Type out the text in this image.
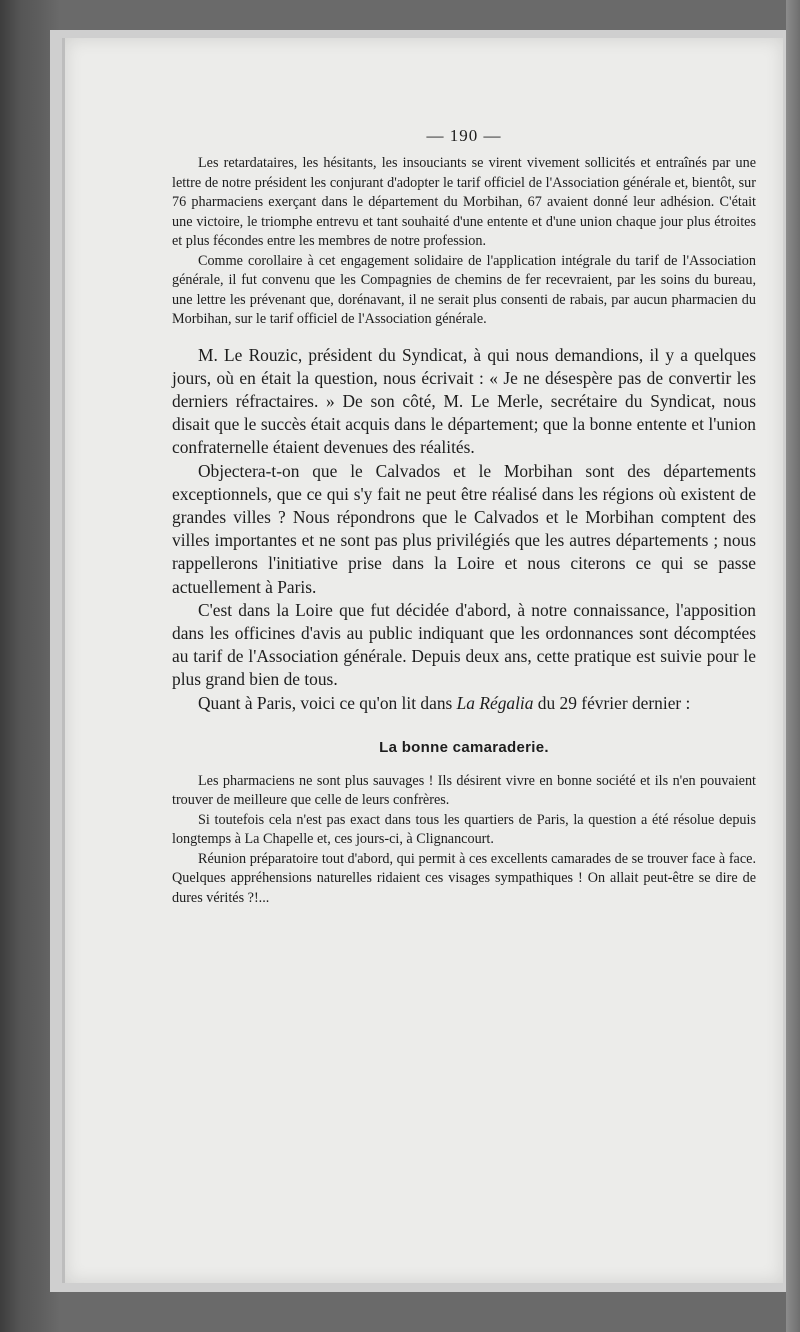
— 190 —

Les retardataires, les hésitants, les insouciants se virent vivement sollicités et entraînés par une lettre de notre président les conjurant d'adopter le tarif officiel de l'Association générale et, bientôt, sur 76 pharmaciens exerçant dans le département du Morbihan, 67 avaient donné leur adhésion. C'était une victoire, le triomphe entrevu et tant souhaité d'une entente et d'une union chaque jour plus étroites et plus fécondes entre les membres de notre profession.

Comme corollaire à cet engagement solidaire de l'application intégrale du tarif de l'Association générale, il fut convenu que les Compagnies de chemins de fer recevraient, par les soins du bureau, une lettre les prévenant que, dorénavant, il ne serait plus consenti de rabais, par aucun pharmacien du Morbihan, sur le tarif officiel de l'Association générale.

M. Le Rouzic, président du Syndicat, à qui nous demandions, il y a quelques jours, où en était la question, nous écrivait : « Je ne désespère pas de convertir les derniers réfractaires. » De son côté, M. Le Merle, secrétaire du Syndicat, nous disait que le succès était acquis dans le département; que la bonne entente et l'union confraternelle étaient devenues des réalités.

Objectera-t-on que le Calvados et le Morbihan sont des départements exceptionnels, que ce qui s'y fait ne peut être réalisé dans les régions où existent de grandes villes ? Nous répondrons que le Calvados et le Morbihan comptent des villes importantes et ne sont pas plus privilégiés que les autres départements ; nous rappellerons l'initiative prise dans la Loire et nous citerons ce qui se passe actuellement à Paris.

C'est dans la Loire que fut décidée d'abord, à notre connaissance, l'apposition dans les officines d'avis au public indiquant que les ordonnances sont décomptées au tarif de l'Association générale. Depuis deux ans, cette pratique est suivie pour le plus grand bien de tous.

Quant à Paris, voici ce qu'on lit dans La Régalia du 29 février dernier :

La bonne camaraderie.

Les pharmaciens ne sont plus sauvages ! Ils désirent vivre en bonne société et ils n'en pouvaient trouver de meilleure que celle de leurs confrères.

Si toutefois cela n'est pas exact dans tous les quartiers de Paris, la question a été résolue depuis longtemps à La Chapelle et, ces jours-ci, à Clignancourt.

Réunion préparatoire tout d'abord, qui permit à ces excellents camarades de se trouver face à face. Quelques appréhensions naturelles ridaient ces visages sympathiques ! On allait peut-être se dire de dures vérités ?!...
